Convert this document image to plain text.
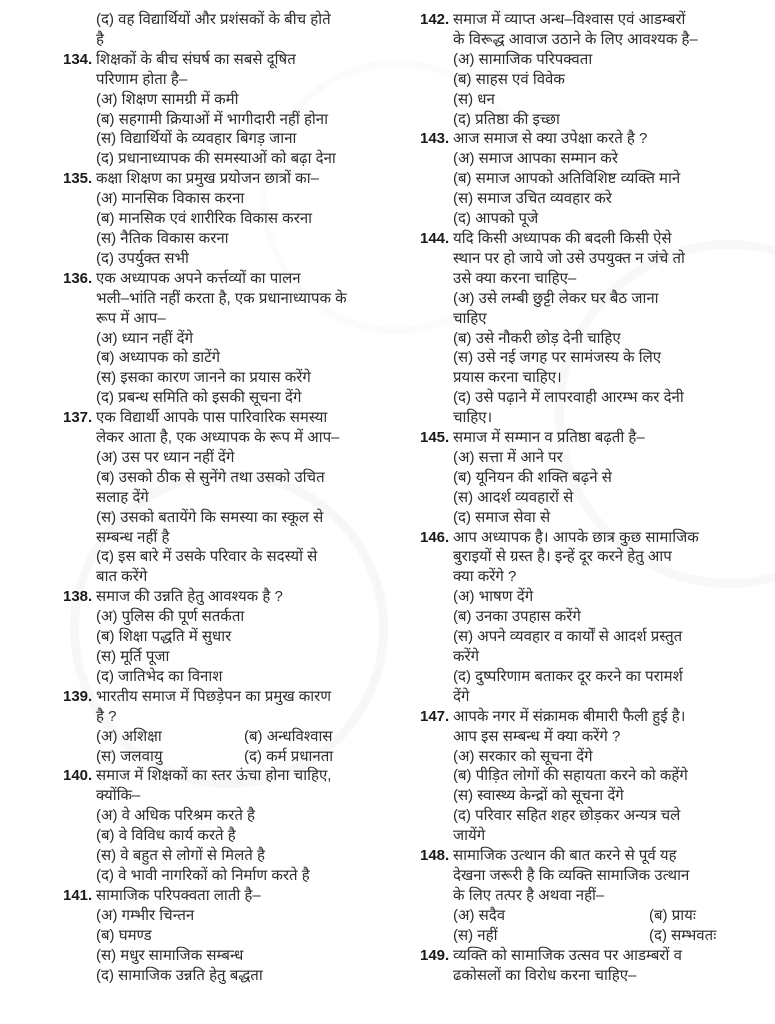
(द) वह विद्यार्थियों और प्रशंसकों के बीच होते
है
134. शिक्षकों के बीच संघर्ष का सबसे दूषित
परिणाम होता है–
(अ) शिक्षण सामग्री में कमी
(ब) सहगामी क्रियाओं में भागीदारी नहीं होना
(स) विद्यार्थियों के व्यवहार बिगड़ जाना
(द) प्रधानाध्यापक की समस्याओं को बढ़ा देना
135. कक्षा शिक्षण का प्रमुख प्रयोजन छात्रों का–
(अ) मानसिक विकास करना
(ब) मानसिक एवं शारीरिक विकास करना
(स) नैतिक विकास करना
(द) उपर्युक्त सभी
136. एक अध्यापक अपने कर्त्तव्यों का पालन
भली–भांति नहीं करता है, एक प्रधानाध्यापक के
रूप में आप–
(अ) ध्यान नहीं देंगे
(ब) अध्यापक को डाटेंगे
(स) इसका कारण जानने का प्रयास करेंगे
(द) प्रबन्ध समिति को इसकी सूचना देंगे
137. एक विद्यार्थी आपके पास पारिवारिक समस्या
लेकर आता है, एक अध्यापक के रूप में आप–
(अ) उस पर ध्यान नहीं देंगे
(ब) उसको ठीक से सुनेंगे तथा उसको उचित
सलाह देंगे
(स) उसको बतायेंगे कि समस्या का स्कूल से
सम्बन्ध नहीं है
(द) इस बारे में उसके परिवार के सदस्यों से
बात करेंगे
138. समाज की उन्नति हेतु आवश्यक है ?
(अ) पुलिस की पूर्ण सतर्कता
(ब) शिक्षा पद्धति में सुधार
(स) मूर्ति पूजा
(द) जातिभेद का विनाश
139. भारतीय समाज में पिछड़ेपन का प्रमुख कारण
है ?
(अ) अशिक्षा	(ब) अन्धविश्वास
(स) जलवायु	(द) कर्म प्रधानता
140. समाज में शिक्षकों का स्तर ऊंचा होना चाहिए,
क्योंकि–
(अ) वे अधिक परिश्रम करते है
(ब) वे विविध कार्य करते है
(स) वे बहुत से लोगों से मिलते है
(द) वे भावी नागरिकों को निर्माण करते है
141. सामाजिक परिपक्वता लाती है–
(अ) गम्भीर चिन्तन
(ब) घमण्ड
(स) मधुर सामाजिक सम्बन्ध
(द) सामाजिक उन्नति हेतु बद्धता
142. समाज में व्याप्त अन्ध–विश्वास एवं आडम्बरों
के विरूद्ध आवाज उठाने के लिए आवश्यक है–
(अ) सामाजिक परिपक्वता
(ब) साहस एवं विवेक
(स) धन
(द) प्रतिष्ठा की इच्छा
143. आज समाज से क्या उपेक्षा करते है ?
(अ) समाज आपका सम्मान करे
(ब) समाज आपको अतिविशिष्ट व्यक्ति माने
(स) समाज उचित व्यवहार करे
(द) आपको पूजे
144. यदि किसी अध्यापक की बदली किसी ऐसे
स्थान पर हो जाये जो उसे उपयुक्त न जंचे तो
उसे क्या करना चाहिए–
(अ) उसे लम्बी छुट्टी लेकर घर बैठ जाना
चाहिए
(ब) उसे नौकरी छोड़ देनी चाहिए
(स) उसे नई जगह पर सामंजस्य के लिए
प्रयास करना चाहिए।
(द) उसे पढ़ाने में लापरवाही आरम्भ कर देनी
चाहिए।
145. समाज में सम्मान व प्रतिष्ठा बढ़ती है–
(अ) सत्ता में आने पर
(ब) यूनियन की शक्ति बढ़ने से
(स) आदर्श व्यवहारों से
(द) समाज सेवा से
146. आप अध्यापक है। आपके छात्र कुछ सामाजिक
बुराइयों से ग्रस्त है। इन्हें दूर करने हेतु आप
क्या करेंगे ?
(अ) भाषण देंगे
(ब) उनका उपहास करेंगे
(स) अपने व्यवहार व कार्यों से आदर्श प्रस्तुत
करेंगे
(द) दुष्परिणाम बताकर दूर करने का परामर्श
देंगे
147. आपके नगर में संक्रामक बीमारी फैली हुई है।
आप इस सम्बन्ध में क्या करेंगे ?
(अ) सरकार को सूचना देंगे
(ब) पीड़ित लोगों की सहायता करने को कहेंगे
(स) स्वास्थ्य केन्द्रों को सूचना देंगे
(द) परिवार सहित शहर छोड़कर अन्यत्र चले
जायेंगे
148. सामाजिक उत्थान की बात करने से पूर्व यह
देखना जरूरी है कि व्यक्ति सामाजिक उत्थान
के लिए तत्पर है अथवा नहीं–
(अ) सदैव	(ब) प्रायः
(स) नहीं	(द) सम्भवतः
149. व्यक्ति को सामाजिक उत्सव पर आडम्बरों व
ढकोसलों का विरोध करना चाहिए–
